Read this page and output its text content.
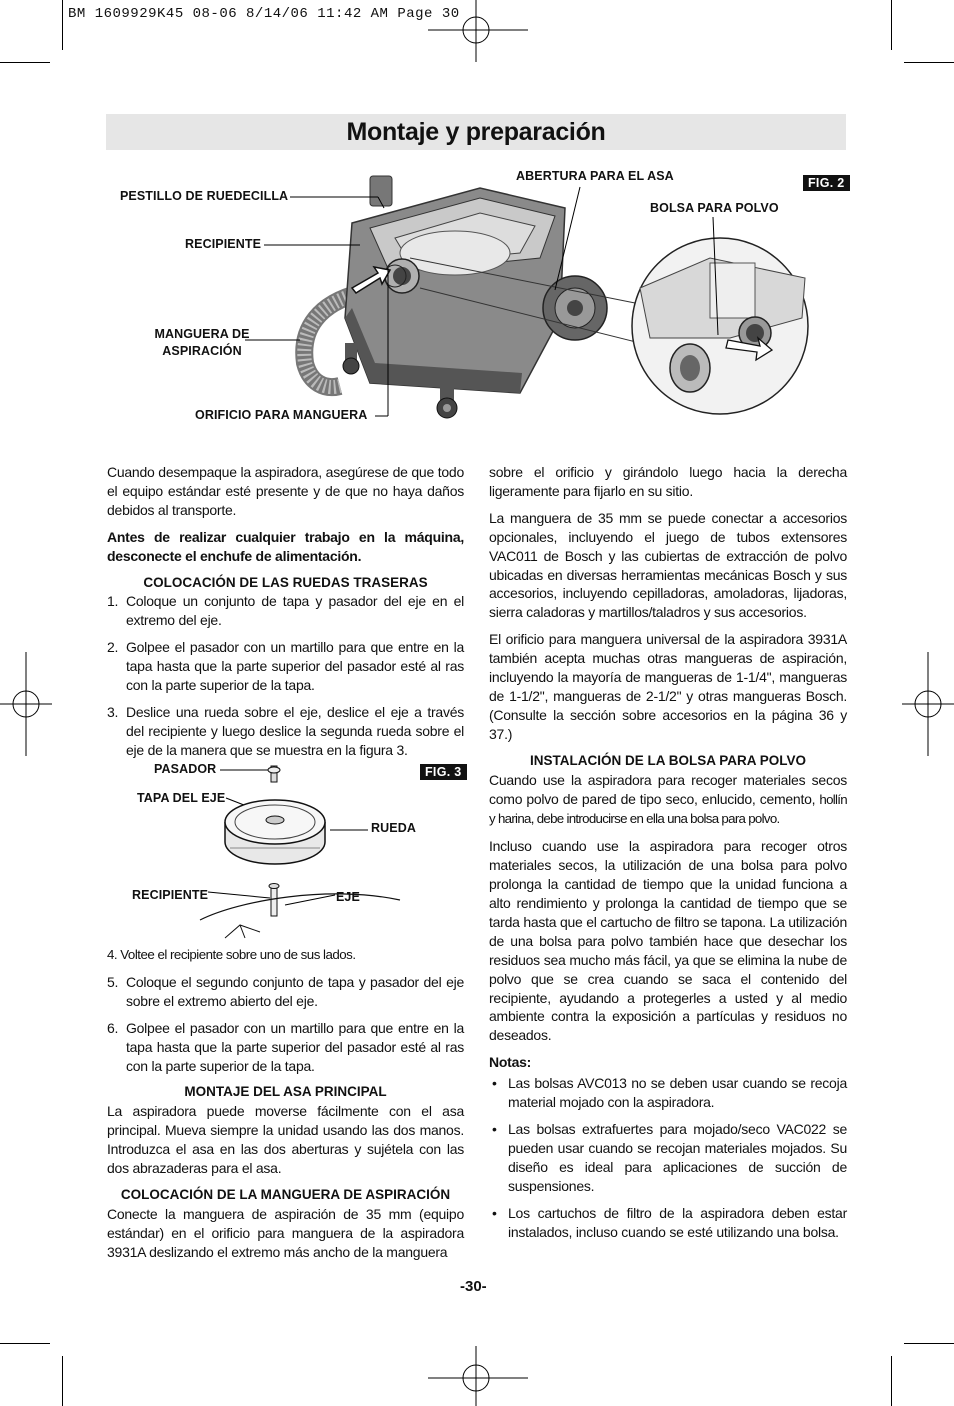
BM 1609929K45 08-06 8/14/06 11:42 AM Page 30
Montaje y preparación
FIG. 2
PESTILLO DE RUEDECILLA
ABERTURA PARA EL ASA
BOLSA PARA POLVO
RECIPIENTE
MANGUERA DE
ASPIRACIÓN
ORIFICIO PARA MANGUERA

Cuando desempaque la aspiradora, asegúrese de que todo el equipo estándar esté presente y de que no haya daños debidos al transporte.

Antes de realizar cualquier trabajo en la máquina, desconecte el enchufe de alimentación.

COLOCACIÓN DE LAS RUEDAS TRASERAS
1. Coloque un conjunto de tapa y pasador del eje en el extremo del eje.
2. Golpee el pasador con un martillo para que entre en la tapa hasta que la parte superior del pasador esté al ras con la parte superior de la tapa.
3. Deslice una rueda sobre el eje, deslice el eje a través del recipiente y luego deslice la segunda rueda sobre el eje de la manera que se muestra en la figura 3.
FIG. 3
PASADOR
TAPA DEL EJE
RUEDA
RECIPIENTE	EJE

4. Voltee el recipiente sobre uno de sus lados.

5. Coloque el segundo conjunto de tapa y pasador del eje sobre el extremo abierto del eje.
6. Golpee el pasador con un martillo para que entre en la tapa hasta que la parte superior del pasador esté al ras con la parte superior de la tapa.
MONTAJE DEL ASA PRINCIPAL

La aspiradora puede moverse fácilmente con el asa principal. Mueva siempre la unidad usando las dos manos. Introduzca el asa en las dos aberturas y sujétela con las dos abrazaderas para el asa.

COLOCACIÓN DE LA MANGUERA DE ASPIRACIÓN

Conecte la manguera de aspiración de 35 mm (equipo estándar) en el orificio para manguera de la aspiradora 3931A deslizando el extremo más ancho de la manguera

sobre el orificio y girándolo luego hacia la derecha ligeramente para fijarlo en su sitio.

La manguera de 35 mm se puede conectar a accesorios opcionales, incluyendo el juego de tubos extensores VAC011 de Bosch y las cubiertas de extracción de polvo ubicadas en diversas herramientas mecánicas Bosch y sus accesorios, incluyendo cepilladoras, amoladoras, lijadoras, sierra caladoras y martillos/taladros y sus accesorios.

El orificio para manguera universal de la aspiradora 3931A también acepta muchas otras mangueras de aspiración, incluyendo la mayoría de mangueras de 1-1/4", mangueras de 1-1/2", mangueras de 2-1/2" y otras mangueras Bosch. (Consulte la sección sobre accesorios en la página 36 y 37.)

INSTALACIÓN DE LA BOLSA PARA POLVO

Cuando use la aspiradora para recoger materiales secos como polvo de pared de tipo seco, enlucido, cemento, hollín y harina, debe introducirse en ella una bolsa para polvo.

Incluso cuando use la aspiradora para recoger otros materiales secos, la utilización de una bolsa para polvo prolonga la cantidad de tiempo que la unidad funciona a alto rendimiento y prolonga la cantidad de tiempo que se tarda hasta que el cartucho de filtro se tapona. La utilización de una bolsa para polvo también hace que desechar los residuos sea mucho más fácil, ya que se elimina la nube de polvo que se crea cuando se saca el contenido del recipiente, ayudando a protegerles a usted y al medio ambiente contra la exposición a partículas y residuos no deseados.

Notas:

• Las bolsas AVC013 no se deben usar cuando se recoja material mojado con la aspiradora.
• Las bolsas extrafuertes para mojado/seco VAC022 se pueden usar cuando se recojan materiales mojados. Su diseño es ideal para aplicaciones de succión de suspensiones.
• Los cartuchos de filtro de la aspiradora deben estar instalados, incluso cuando se esté utilizando una bolsa.
-30-
